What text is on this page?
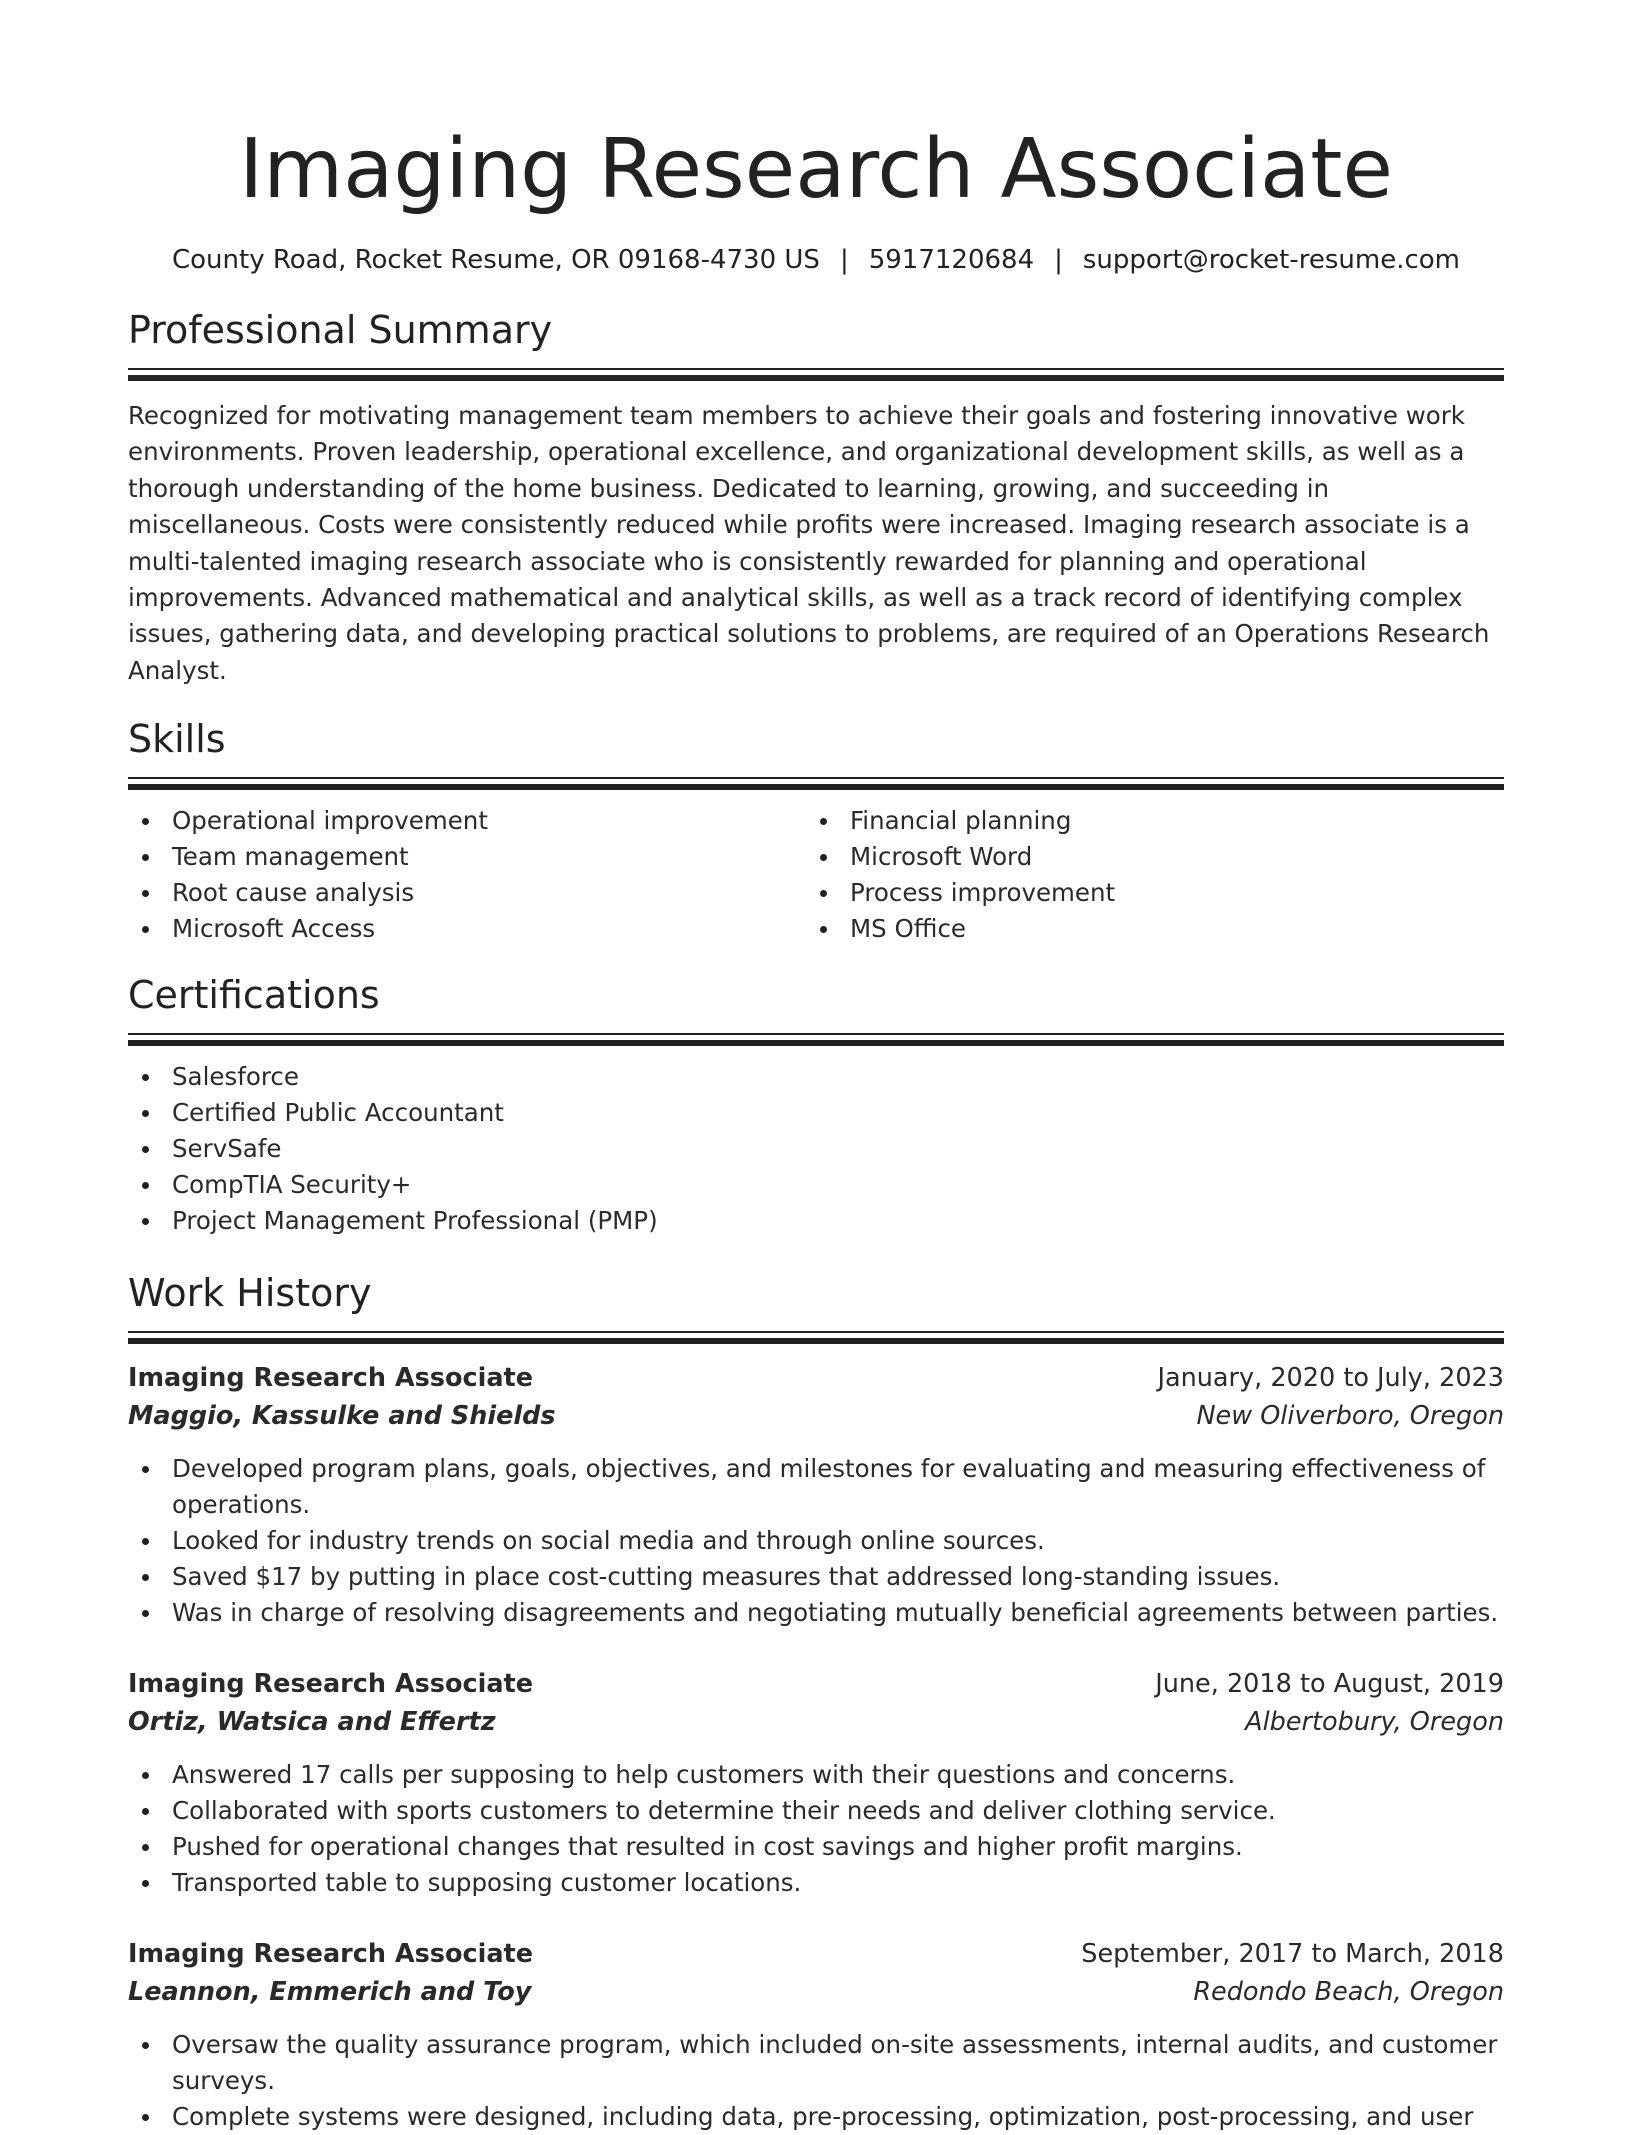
Imaging Research Associate
County Road, Rocket Resume, OR 09168-4730 US | 5917120684 | support@rocket-resume.com
Professional Summary
Recognized for motivating management team members to achieve their goals and fostering innovative work environments. Proven leadership, operational excellence, and organizational development skills, as well as a thorough understanding of the home business. Dedicated to learning, growing, and succeeding in miscellaneous. Costs were consistently reduced while profits were increased. Imaging research associate is a multi-talented imaging research associate who is consistently rewarded for planning and operational improvements. Advanced mathematical and analytical skills, as well as a track record of identifying complex issues, gathering data, and developing practical solutions to problems, are required of an Operations Research Analyst.
Skills
Operational improvement
Team management
Root cause analysis
Microsoft Access
Financial planning
Microsoft Word
Process improvement
MS Office
Certifications
Salesforce
Certified Public Accountant
ServSafe
CompTIA Security+
Project Management Professional (PMP)
Work History
Imaging Research Associate	January, 2020 to July, 2023
Maggio, Kassulke and Shields	New Oliverboro, Oregon
Developed program plans, goals, objectives, and milestones for evaluating and measuring effectiveness of operations.
Looked for industry trends on social media and through online sources.
Saved $17 by putting in place cost-cutting measures that addressed long-standing issues.
Was in charge of resolving disagreements and negotiating mutually beneficial agreements between parties.
Imaging Research Associate	June, 2018 to August, 2019
Ortiz, Watsica and Effertz	Albertobury, Oregon
Answered 17 calls per supposing to help customers with their questions and concerns.
Collaborated with sports customers to determine their needs and deliver clothing service.
Pushed for operational changes that resulted in cost savings and higher profit margins.
Transported table to supposing customer locations.
Imaging Research Associate	September, 2017 to March, 2018
Leannon, Emmerich and Toy	Redondo Beach, Oregon
Oversaw the quality assurance program, which included on-site assessments, internal audits, and customer surveys.
Complete systems were designed, including data, pre-processing, optimization, post-processing, and user
